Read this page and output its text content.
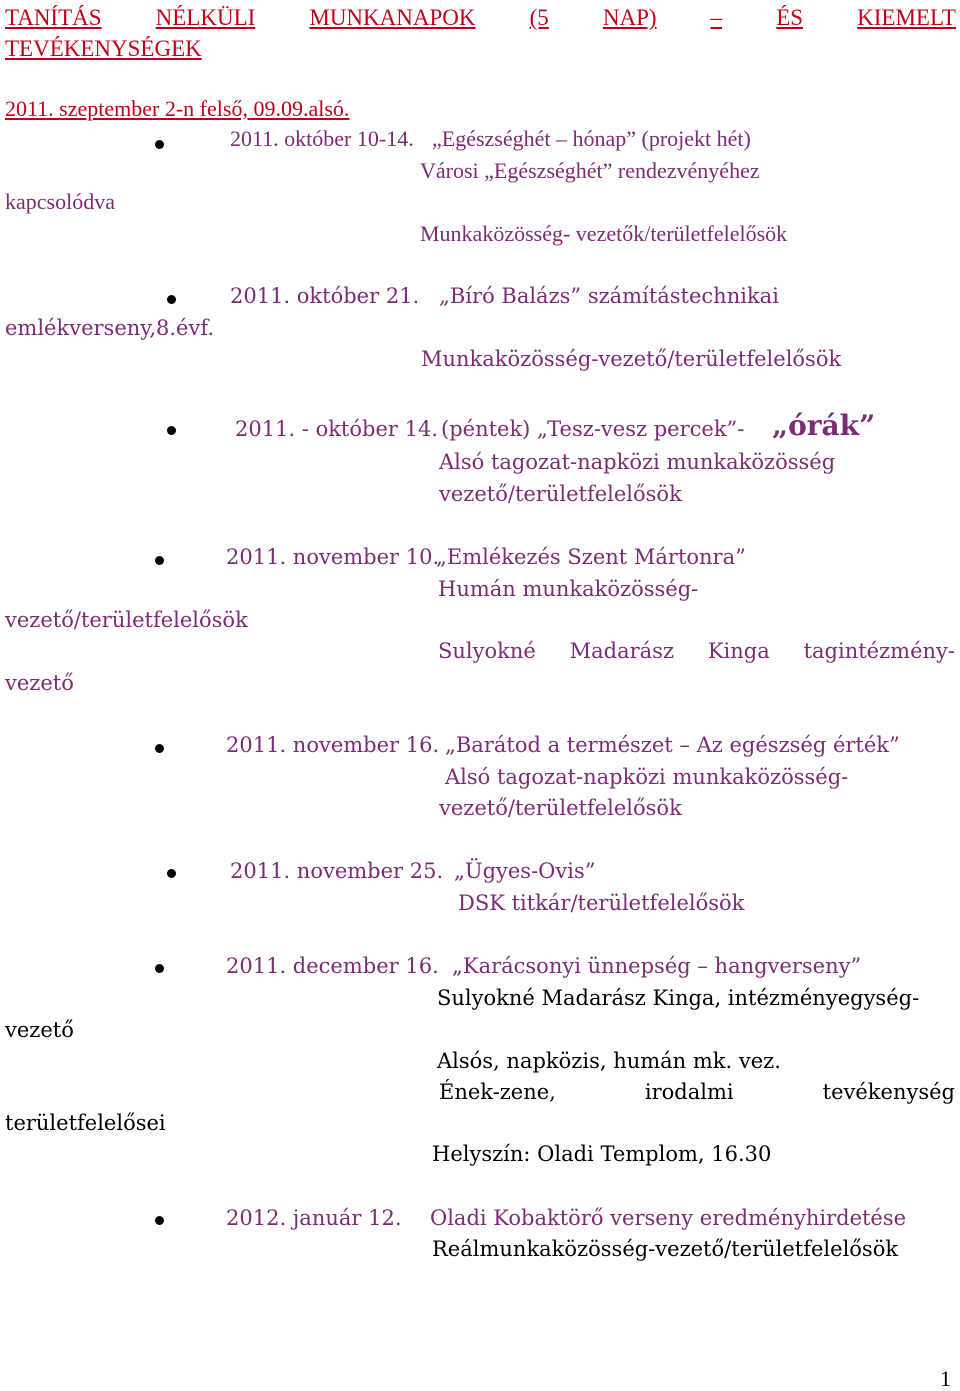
TANÍTÁS NÉLKÜLI MUNKANAPOK (5 NAP) – ÉS KIEMELT
TEVÉKENYSÉGEK
2011. szeptember 2-n felső, 09.09.alsó.
2011. október 10-14. „Egészséghét – hónap” (projekt hét)
Városi „Egészséghét” rendezvényéhez
kapcsolódva
Munkaközösség- vezetők/területfelelősök
2011. október 21. „Bíró Balázs” számítástechnikai
emlékverseny,8.évf.
Munkaközösség-vezető/területfelelősök
2011. - október 14. (péntek) „Tesz-vesz percek”- „órák”
Alsó tagozat-napközi munkaközösség
vezető/területfelelősök
2011. november 10.
„Emlékezés Szent Mártonra”
Humán munkaközösség-
vezető/területfelelősök
Sulyokné Madarász Kinga tagintézmény-
vezető
2011. november 16. „Barátod a természet – Az egészség érték”
Alsó tagozat-napközi munkaközösség-
vezető/területfelelősök
2011. november 25. „Ügyes-Ovis”
DSK titkár/területfelelősök
2011. december 16. „Karácsonyi ünnepség – hangverseny”
Sulyokné Madarász Kinga, intézményegység-
vezető
Alsós, napközis, humán mk. vez.
Ének-zene,	irodalmi	tevékenység
területfelelősei
Helyszín: Oladi Templom, 16.30
2012. január 12. Oladi Kobaktörő verseny eredményhirdetése
Reálmunkaközösség-vezető/területfelelősök
1
